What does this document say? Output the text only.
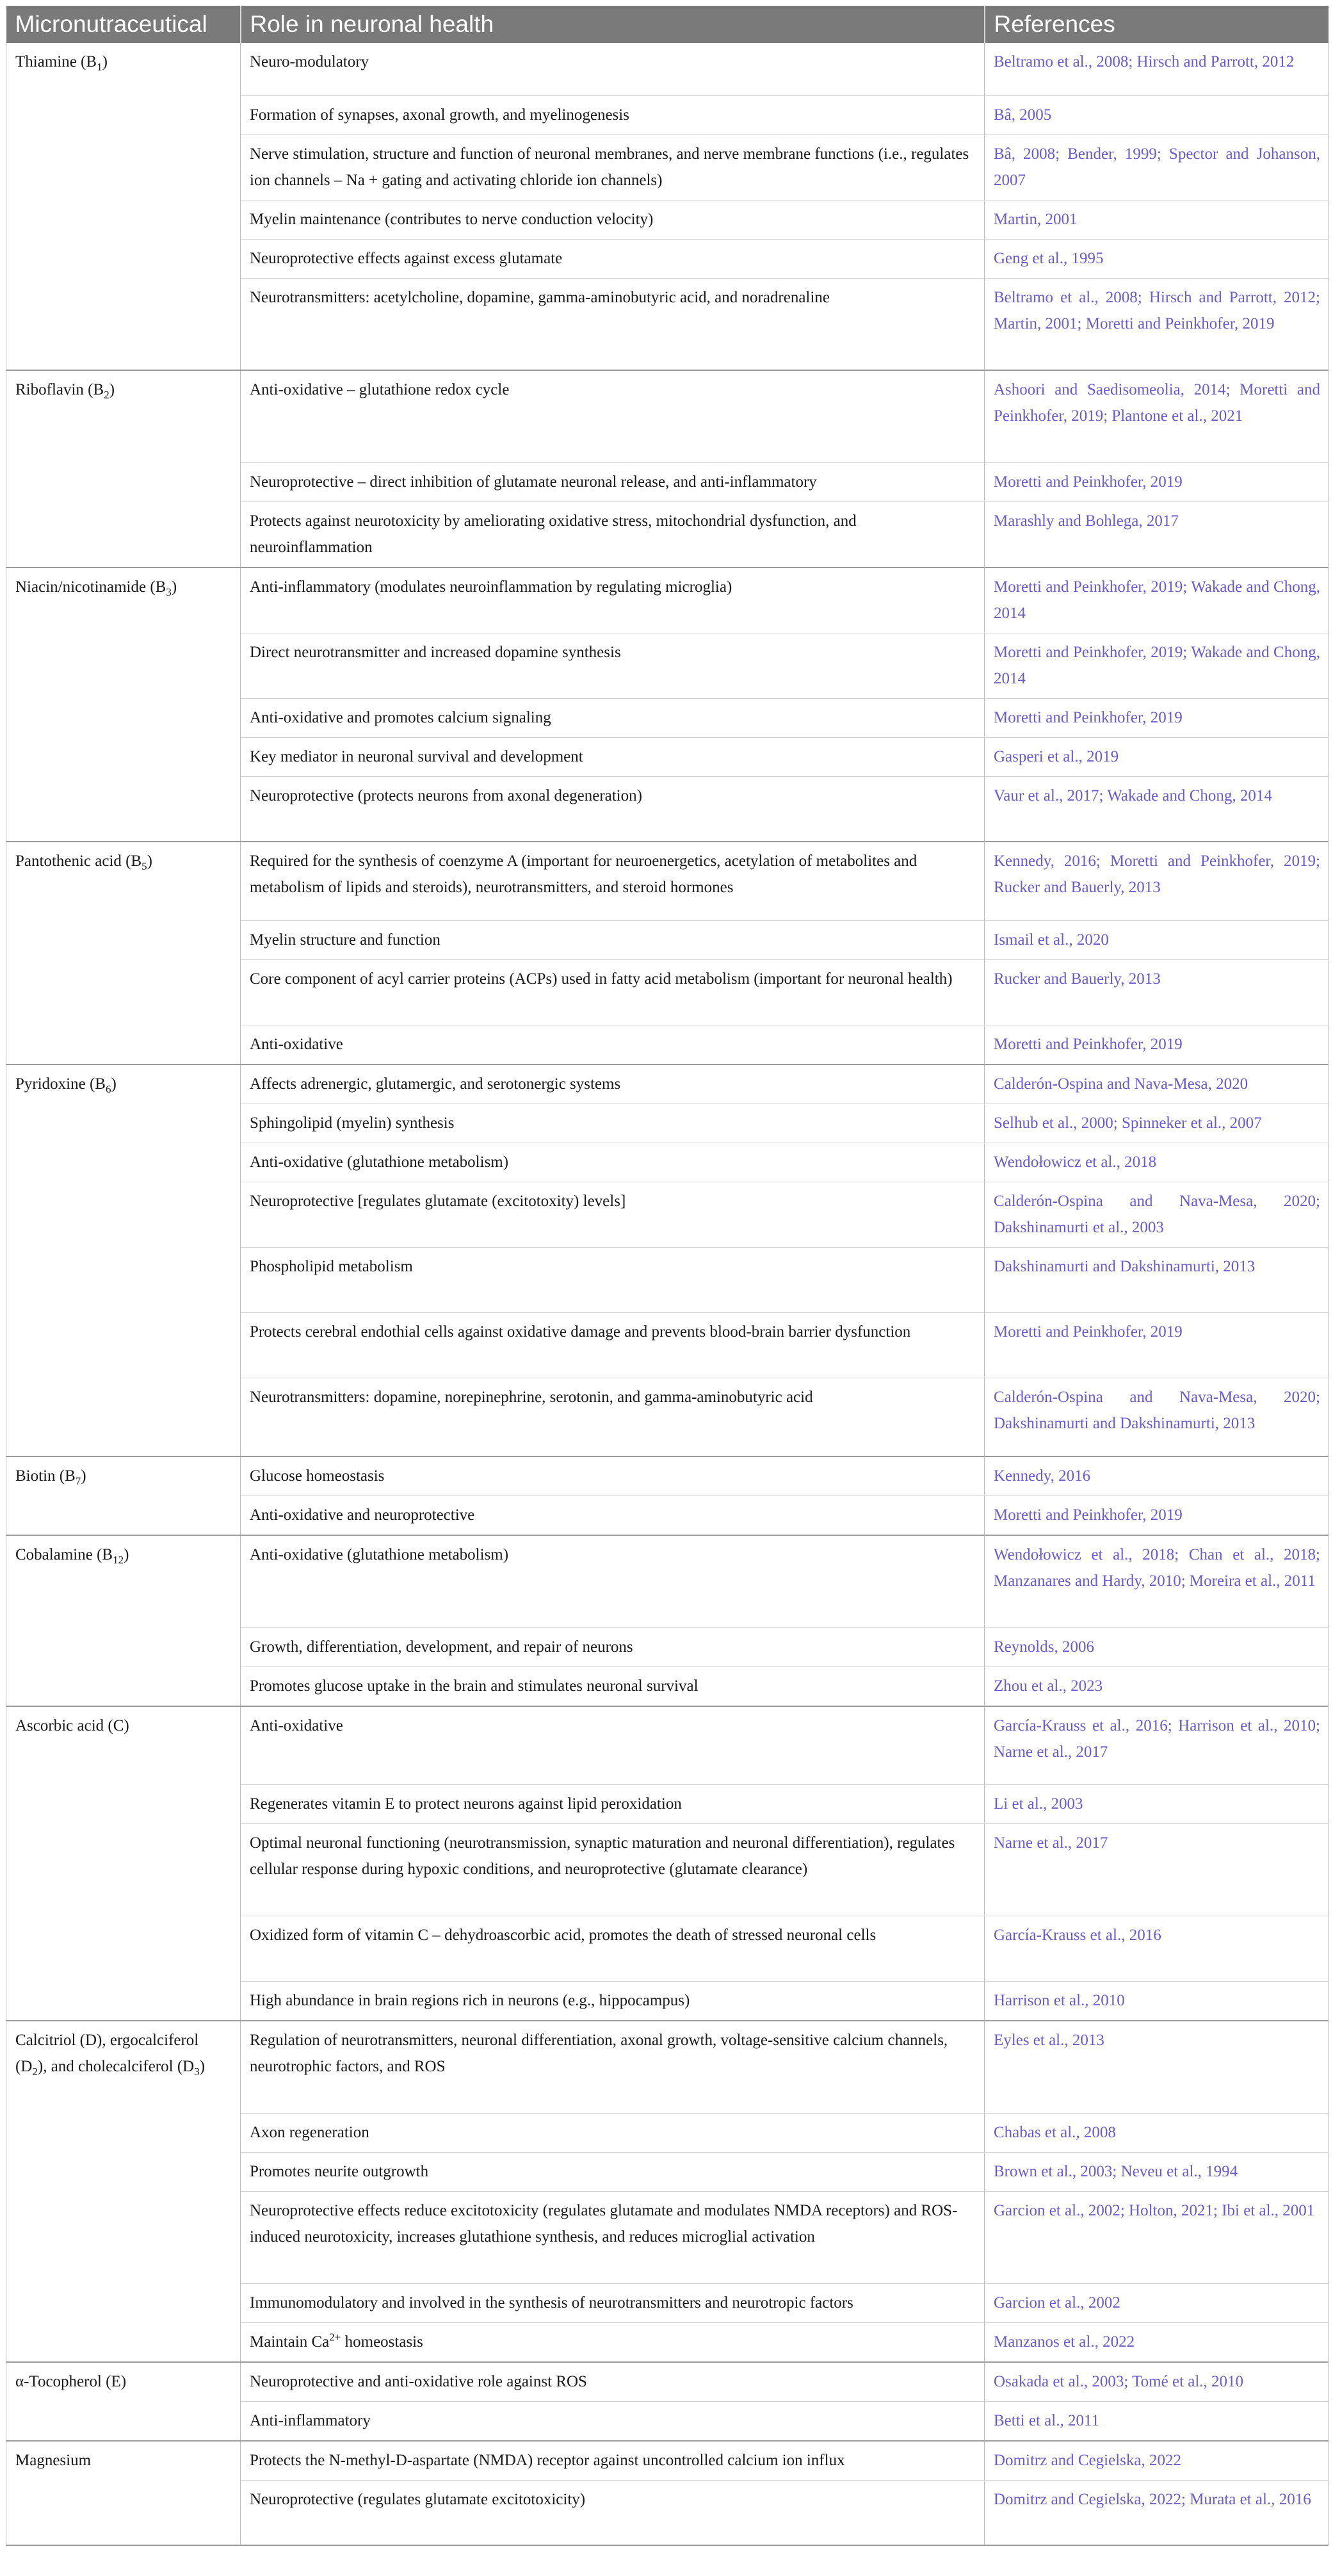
Micronutraceutical	Role in neuronal health	References
Thiamine $(B_1)$	Neuro-modulatory	Beltramo et al., 2008; Hirsch and Parrott, 2012
	Formation of synapses, axonal growth, and myelinogenesis	Bâ, 2005
	Nerve stimulation, structure and function of neuronal membranes, and nerve membrane functions (i.e., regulates ion channels – Na + gating and activating chloride ion channels)	Bâ, 2008; Bender, 1999; Spector and Johanson, 2007
	Myelin maintenance (contributes to nerve conduction velocity)	Martin, 2001
	Neuroprotective effects against excess glutamate	Geng et al., 1995
	Neurotransmitters: acetylcholine, dopamine, gamma-aminobutyric acid, and noradrenaline	Beltramo et al., 2008; Hirsch and Parrott, 2012; Martin, 2001; Moretti and Peinkhofer, 2019
Riboflavin $(B_2)$	Anti-oxidative – glutathione redox cycle	Ashoori and Saedisomeolia, 2014; Moretti and Peinkhofer, 2019; Plantone et al., 2021
	Neuroprotective – direct inhibition of glutamate neuronal release, and anti-inflammatory	Moretti and Peinkhofer, 2019
	Protects against neurotoxicity by ameliorating oxidative stress, mitochondrial dysfunction, and neuroinflammation	Marashly and Bohlega, 2017
Niacin/nicotinamide $(B_3)$	Anti-inflammatory (modulates neuroinflammation by regulating microglia)	Moretti and Peinkhofer, 2019; Wakade and Chong, 2014
	Direct neurotransmitter and increased dopamine synthesis	Moretti and Peinkhofer, 2019; Wakade and Chong, 2014
	Anti-oxidative and promotes calcium signaling	Moretti and Peinkhofer, 2019
	Key mediator in neuronal survival and development	Gasperi et al., 2019
	Neuroprotective (protects neurons from axonal degeneration)	Vaur et al., 2017; Wakade and Chong, 2014
Pantothenic acid $(B_5)$	Required for the synthesis of coenzyme A (important for neuroenergetics, acetylation of metabolites and metabolism of lipids and steroids), neurotransmitters, and steroid hormones	Kennedy, 2016; Moretti and Peinkhofer, 2019; Rucker and Bauerly, 2013
	Myelin structure and function	Ismail et al., 2020
	Core component of acyl carrier proteins (ACPs) used in fatty acid metabolism (important for neuronal health)	Rucker and Bauerly, 2013
	Anti-oxidative	Moretti and Peinkhofer, 2019
Pyridoxine $(B_6)$	Affects adrenergic, glutamergic, and serotonergic systems	Calderón-Ospina and Nava-Mesa, 2020
	Sphingolipid (myelin) synthesis	Selhub et al., 2000; Spinneker et al., 2007
	Anti-oxidative (glutathione metabolism)	Wendołowicz et al., 2018
	Neuroprotective [regulates glutamate (excitotoxity) levels]	Calderón-Ospina and Nava-Mesa, 2020; Dakshinamurti et al., 2003
	Phospholipid metabolism	Dakshinamurti and Dakshinamurti, 2013
	Protects cerebral endothial cells against oxidative damage and prevents blood-brain barrier dysfunction	Moretti and Peinkhofer, 2019
	Neurotransmitters: dopamine, norepinephrine, serotonin, and gamma-aminobutyric acid	Calderón-Ospina and Nava-Mesa, 2020; Dakshinamurti and Dakshinamurti, 2013
Biotin $(B_7)$	Glucose homeostasis	Kennedy, 2016
	Anti-oxidative and neuroprotective	Moretti and Peinkhofer, 2019
Cobalamine $(B_{12})$	Anti-oxidative (glutathione metabolism)	Wendołowicz et al., 2018; Chan et al., 2018; Manzanares and Hardy, 2010; Moreira et al., 2011
	Growth, differentiation, development, and repair of neurons	Reynolds, 2006
	Promotes glucose uptake in the brain and stimulates neuronal survival	Zhou et al., 2023
Ascorbic acid (C)	Anti-oxidative	García-Krauss et al., 2016; Harrison et al., 2010; Narne et al., 2017
	Regenerates vitamin E to protect neurons against lipid peroxidation	Li et al., 2003
	Optimal neuronal functioning (neurotransmission, synaptic maturation and neuronal differentiation), regulates cellular response during hypoxic conditions, and neuroprotective (glutamate clearance)	Narne et al., 2017
	Oxidized form of vitamin C – dehydroascorbic acid, promotes the death of stressed neuronal cells	García-Krauss et al., 2016
	High abundance in brain regions rich in neurons (e.g., hippocampus)	Harrison et al., 2010
Calcitriol (D), ergocalciferol $(D_2)$, and cholecalciferol $(D_3)$	Regulation of neurotransmitters, neuronal differentiation, axonal growth, voltage-sensitive calcium channels, neurotrophic factors, and ROS	Eyles et al., 2013
	Axon regeneration	Chabas et al., 2008
	Promotes neurite outgrowth	Brown et al., 2003; Neveu et al., 1994
	Neuroprotective effects reduce excitotoxicity (regulates glutamate and modulates NMDA receptors) and ROS-induced neurotoxicity, increases glutathione synthesis, and reduces microglial activation	Garcion et al., 2002; Holton, 2021; Ibi et al., 2001
	Immunomodulatory and involved in the synthesis of neurotransmitters and neurotropic factors	Garcion et al., 2002
	Maintain $Ca^{2+}$ homeostasis	Manzanos et al., 2022
α-Tocopherol (E)	Neuroprotective and anti-oxidative role against ROS	Osakada et al., 2003; Tomé et al., 2010
	Anti-inflammatory	Betti et al., 2011
Magnesium	Protects the N-methyl-D-aspartate (NMDA) receptor against uncontrolled calcium ion influx	Domitrz and Cegielska, 2022
	Neuroprotective (regulates glutamate excitotoxicity)	Domitrz and Cegielska, 2022; Murata et al., 2016
